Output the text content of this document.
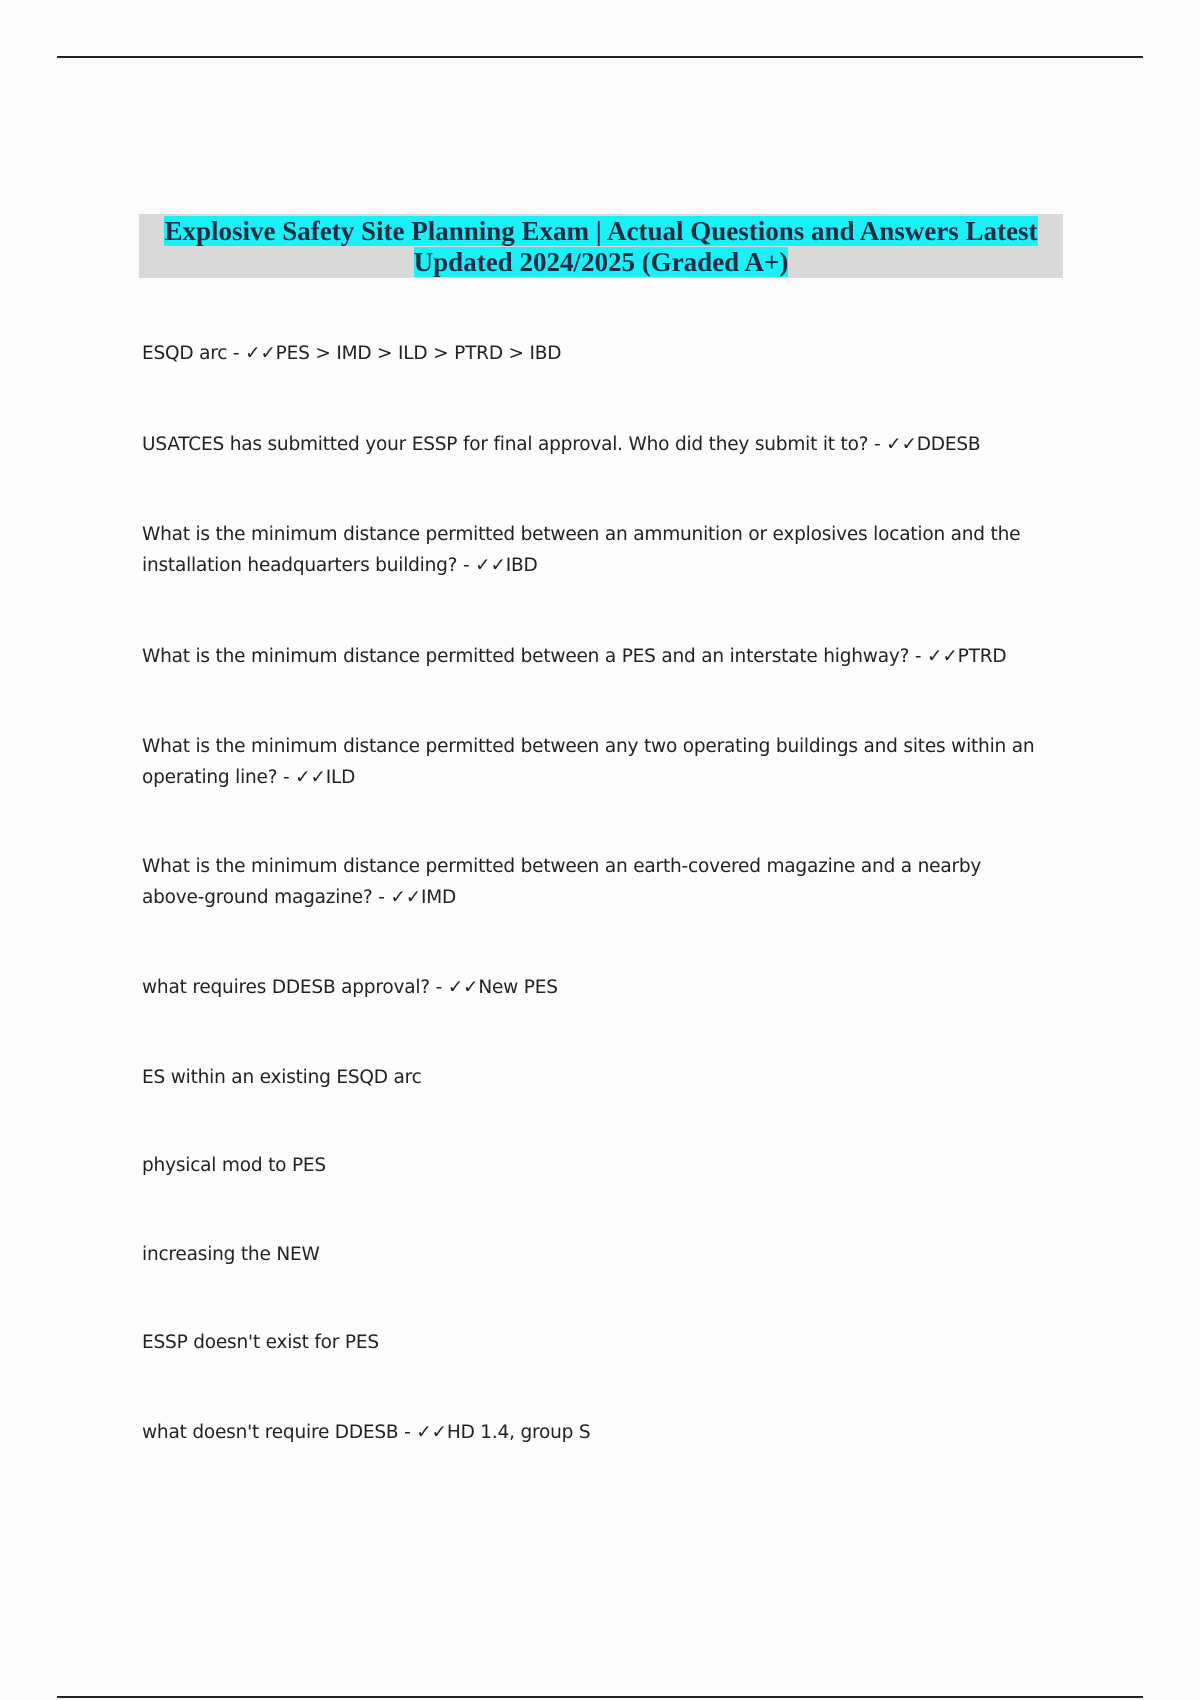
Explosive Safety Site Planning Exam | Actual Questions and Answers Latest Updated 2024/2025 (Graded A+)

ESQD arc - ✓✓PES > IMD > ILD > PTRD > IBD

USATCES has submitted your ESSP for final approval. Who did they submit it to? - ✓✓DDESB

What is the minimum distance permitted between an ammunition or explosives location and the installation headquarters building? - ✓✓IBD

What is the minimum distance permitted between a PES and an interstate highway? - ✓✓PTRD

What is the minimum distance permitted between any two operating buildings and sites within an operating line? - ✓✓ILD

What is the minimum distance permitted between an earth-covered magazine and a nearby above-ground magazine? - ✓✓IMD

what requires DDESB approval? - ✓✓New PES

ES within an existing ESQD arc

physical mod to PES

increasing the NEW

ESSP doesn't exist for PES

what doesn't require DDESB - ✓✓HD 1.4, group S
